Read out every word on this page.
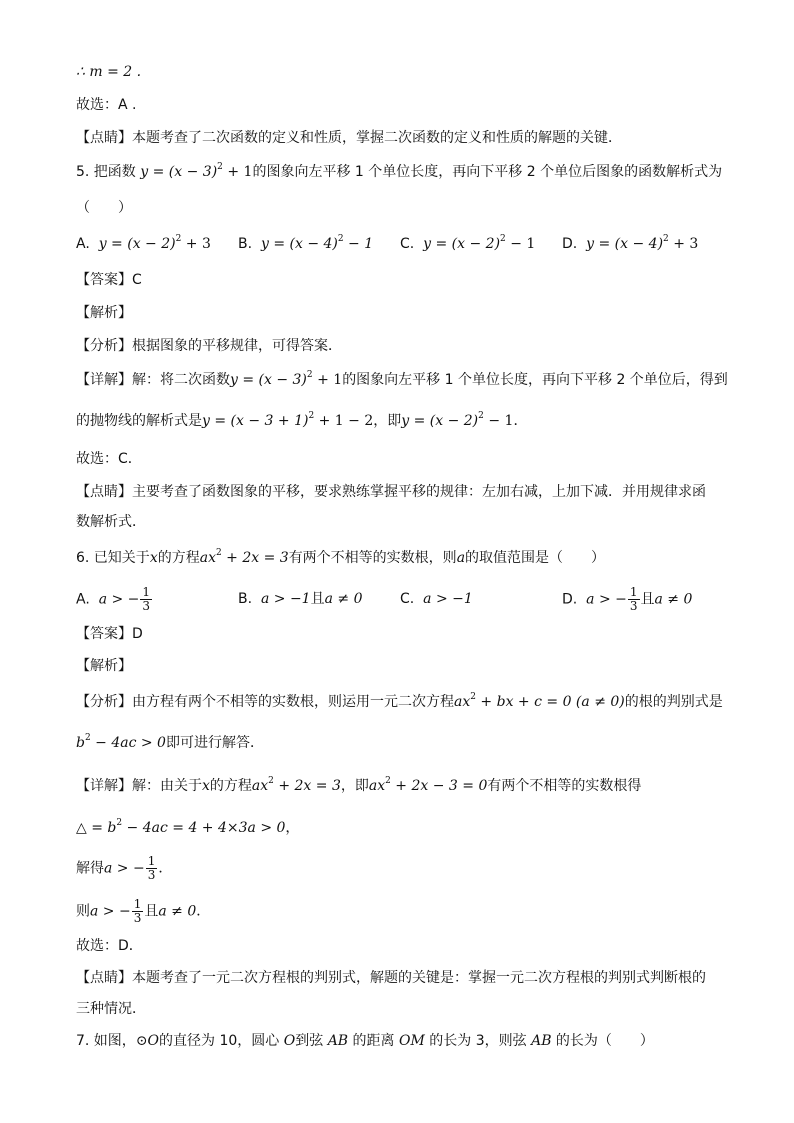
∴ m = 2 .
故选：A .
【点睛】本题考查了二次函数的定义和性质，掌握二次函数的定义和性质的解题的关键．
5. 把函数 $y = (x - 3)^2 + 1$的图象向左平移 1 个单位长度，再向下平移 2 个单位后图象的函数解析式为
（　　）
A. $y = (x - 2)^2 + 3$ B. $y = (x - 4)^2 - 1$ C. $y = (x - 2)^2 - 1$ D. $y = (x - 4)^2 + 3$
【答案】C
【解析】
【分析】根据图象的平移规律，可得答案．
【详解】解：将二次函数$y = (x - 3)^2 + 1$的图象向左平移 1 个单位长度，再向下平移 2 个单位后，得到
的抛物线的解析式是$y = (x - 3 + 1)^2 + 1 - 2$，即$y = (x - 2)^2 - 1$．
故选：C．
【点睛】主要考查了函数图象的平移，要求熟练掌握平移的规律：左加右减，上加下减．并用规律求函
数解析式．
6. 已知关于x的方程$ax^2 + 2x = 3$有两个不相等的实数根，则a的取值范围是（　　）
A. a > − $\frac{1}{3}$	B. a > −1且a ≠ 0	C. a > −1	D. a > − $\frac{1}{3}$ 且a ≠ 0
【答案】D
【解析】
【分析】由方程有两个不相等的实数根，则运用一元二次方程$ax^2$ + bx + c = 0 (a ≠ 0)的根的判别式是
$b^2 - 4ac > 0$即可进行解答．
【详解】解：由关于x的方程$ax^2 + 2x = 3$，即$ax^2 + 2x - 3 = 0$有两个不相等的实数根得
△ = $b^2 - 4ac = 4 + 4\times 3a > 0$，
解得a > − $\frac{1}{3}$ ．
则a > − $\frac{1}{3}$ 且a ≠ 0．
故选：D．
【点睛】本题考查了一元二次方程根的判别式，解题的关键是：掌握一元二次方程根的判别式判断根的
三种情况．
7. 如图，⊙O的直径为 10，圆心 O到弦 AB 的距离 OM 的长为 3，则弦 AB 的长为（　　）
